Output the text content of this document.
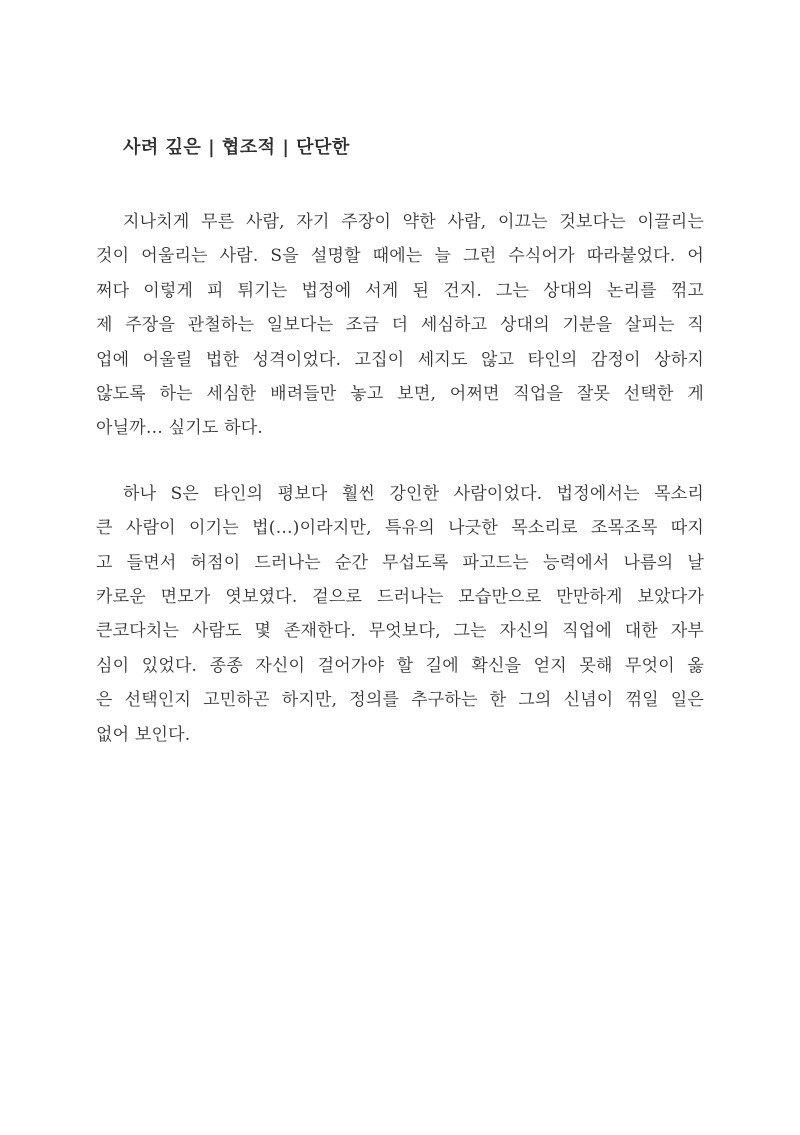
사려 깊은 | 협조적 | 단단한
지나치게 무른 사람, 자기 주장이 약한 사람, 이끄는 것보다는 이끌리는
것이 어울리는 사람. S을 설명할 때에는 늘 그런 수식어가 따라붙었다. 어
쩌다 이렇게 피 튀기는 법정에 서게 된 건지. 그는 상대의 논리를 꺾고
제 주장을 관철하는 일보다는 조금 더 세심하고 상대의 기분을 살피는 직
업에 어울릴 법한 성격이었다. 고집이 세지도 않고 타인의 감정이 상하지
않도록 하는 세심한 배려들만 놓고 보면, 어쩌면 직업을 잘못 선택한 게
아닐까… 싶기도 하다.
하나 S은 타인의 평보다 훨씬 강인한 사람이었다. 법정에서는 목소리
큰 사람이 이기는 법(…)이라지만, 특유의 나긋한 목소리로 조목조목 따지
고 들면서 허점이 드러나는 순간 무섭도록 파고드는 능력에서 나름의 날
카로운 면모가 엿보였다. 겉으로 드러나는 모습만으로 만만하게 보았다가
큰코다치는 사람도 몇 존재한다. 무엇보다, 그는 자신의 직업에 대한 자부
심이 있었다. 종종 자신이 걸어가야 할 길에 확신을 얻지 못해 무엇이 옳
은 선택인지 고민하곤 하지만, 정의를 추구하는 한 그의 신념이 꺾일 일은
없어 보인다.
